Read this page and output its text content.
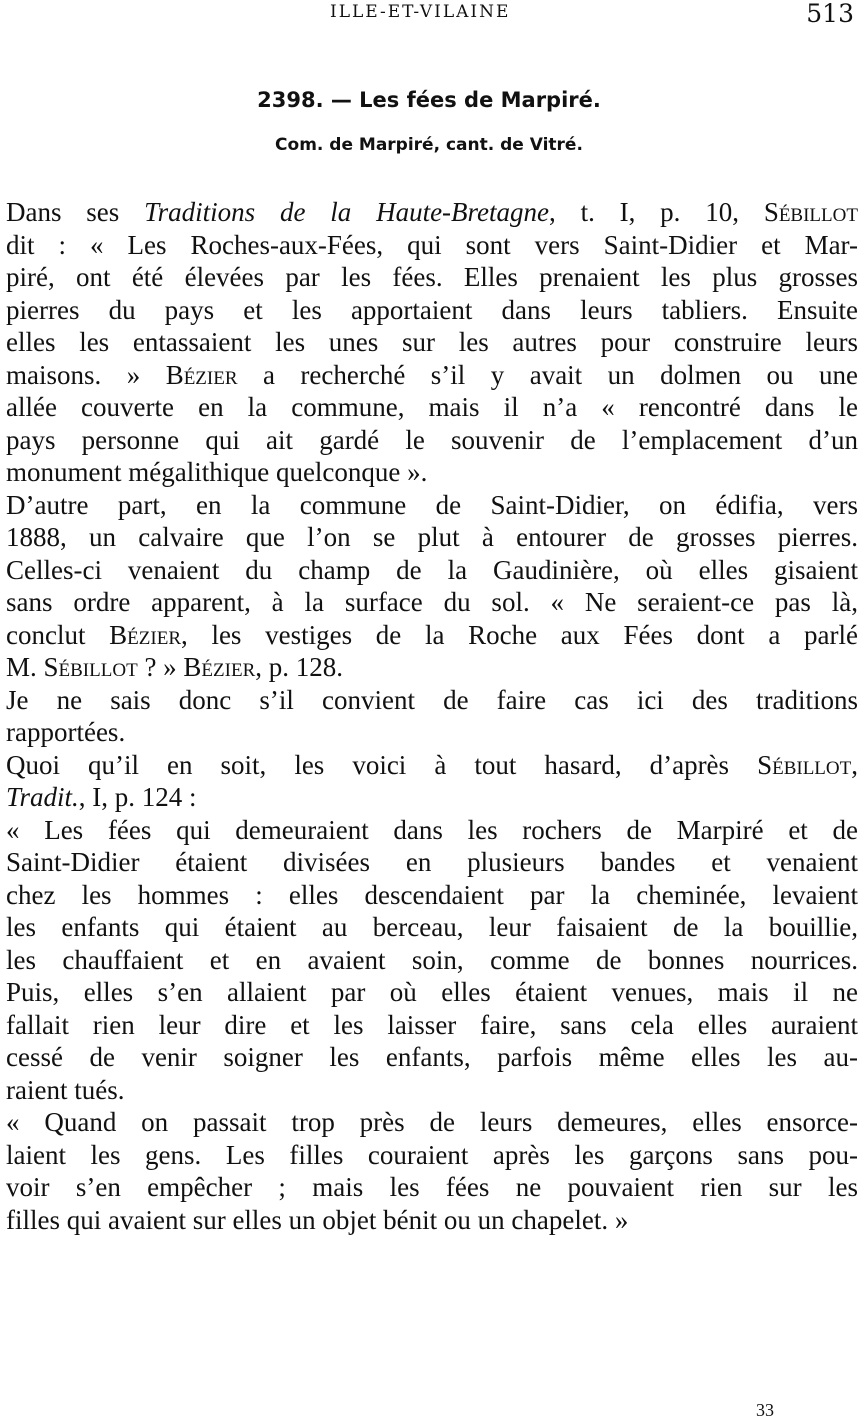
ILLE-ET-VILAINE	513
2398. — Les fées de Marpiré.
Com. de Marpiré, cant. de Vitré.
Dans ses Traditions de la Haute-Bretagne, t. I, p. 10, Sébillot
dit : « Les Roches-aux-Fées, qui sont vers Saint-Didier et Mar-
piré, ont été élevées par les fées. Elles prenaient les plus grosses
pierres du pays et les apportaient dans leurs tabliers. Ensuite
elles les entassaient les unes sur les autres pour construire leurs
maisons. » Bézier a recherché s’il y avait un dolmen ou une
allée couverte en la commune, mais il n’a « rencontré dans le
pays personne qui ait gardé le souvenir de l’emplacement d’un
monument mégalithique quelconque ».
D’autre part, en la commune de Saint-Didier, on édifia, vers
1888, un calvaire que l’on se plut à entourer de grosses pierres.
Celles-ci venaient du champ de la Gaudinière, où elles gisaient
sans ordre apparent, à la surface du sol. « Ne seraient-ce pas là,
conclut Bézier, les vestiges de la Roche aux Fées dont a parlé
M. Sébillot ? » Bézier, p. 128.
Je ne sais donc s’il convient de faire cas ici des traditions
rapportées.
Quoi qu’il en soit, les voici à tout hasard, d’après Sébillot,
Tradit., I, p. 124 :
« Les fées qui demeuraient dans les rochers de Marpiré et de
Saint-Didier étaient divisées en plusieurs bandes et venaient
chez les hommes : elles descendaient par la cheminée, levaient
les enfants qui étaient au berceau, leur faisaient de la bouillie,
les chauffaient et en avaient soin, comme de bonnes nourrices.
Puis, elles s’en allaient par où elles étaient venues, mais il ne
fallait rien leur dire et les laisser faire, sans cela elles auraient
cessé de venir soigner les enfants, parfois même elles les au-
raient tués.
« Quand on passait trop près de leurs demeures, elles ensorce-
laient les gens. Les filles couraient après les garçons sans pou-
voir s’en empêcher ; mais les fées ne pouvaient rien sur les
filles qui avaient sur elles un objet bénit ou un chapelet. »
33
